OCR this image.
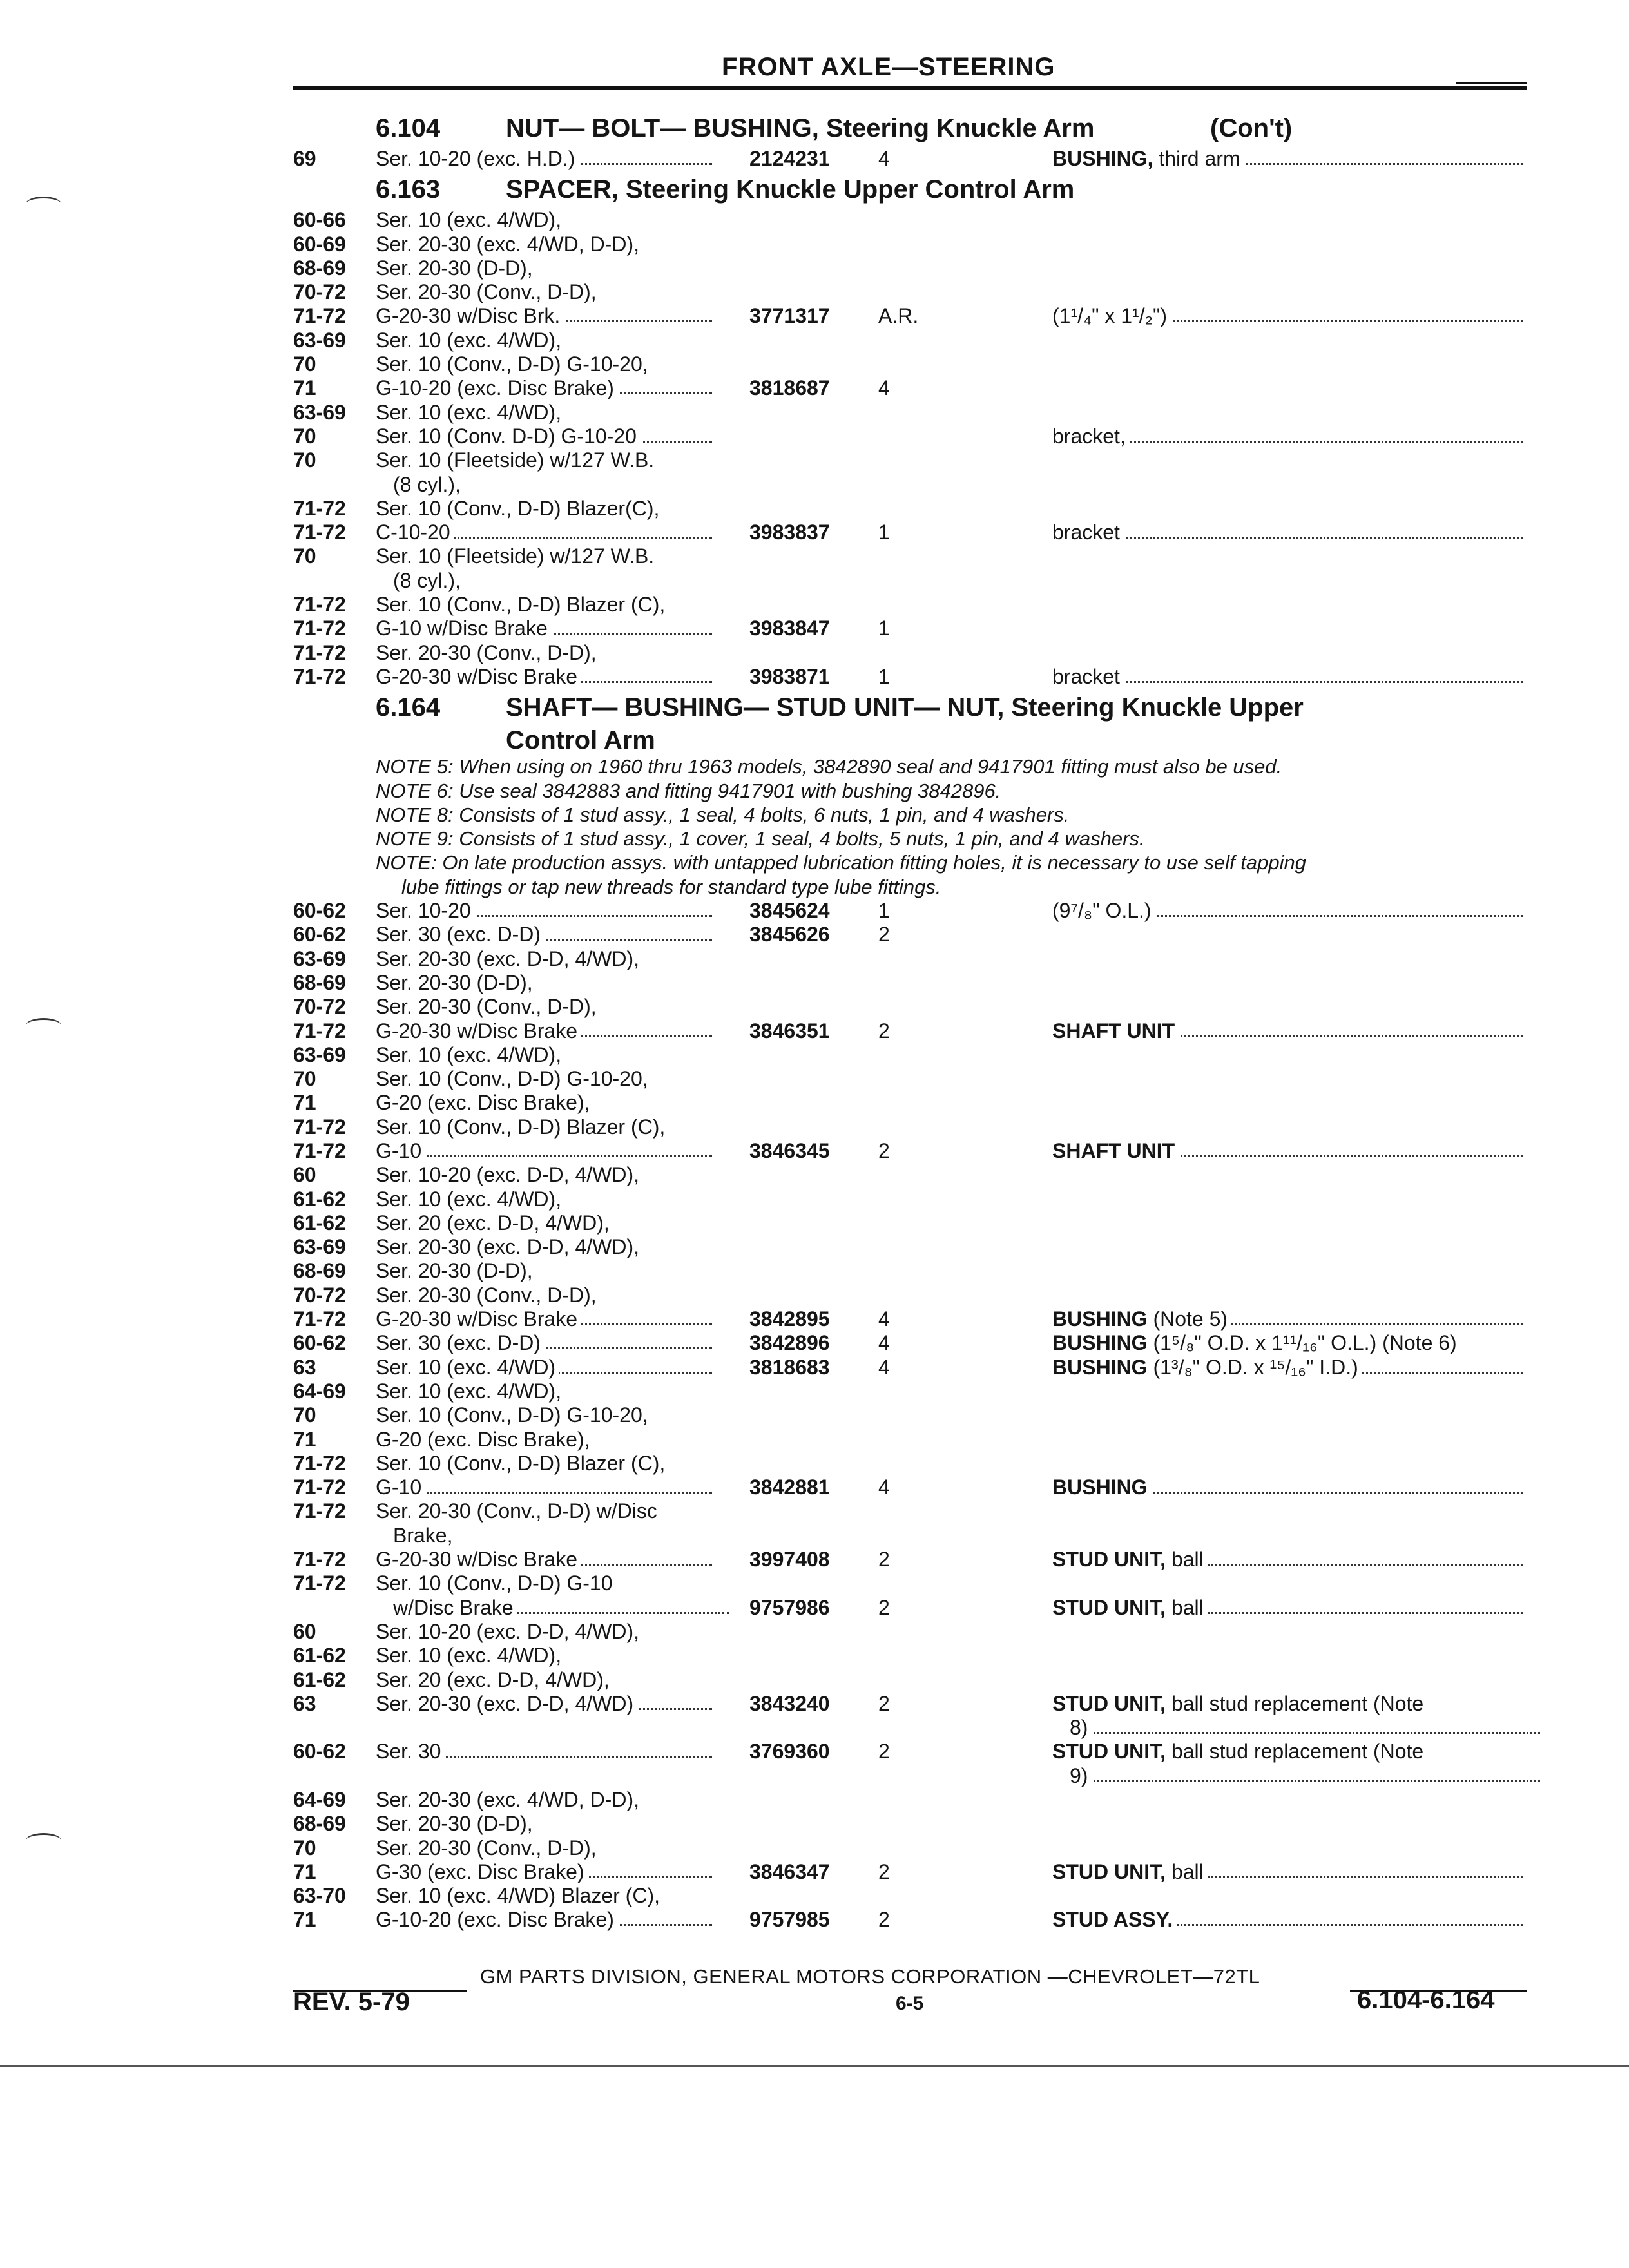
FRONT AXLE—STEERING
6.104	NUT— BOLT— BUSHING, Steering Knuckle Arm	(Con't)
69	Ser. 10-20 (exc. H.D.)	2124231 4	BUSHING, third arm
6.163	SPACER, Steering Knuckle Upper Control Arm
60-66 Ser. 10 (exc. 4/WD),
60-69 Ser. 20-30 (exc. 4/WD, D-D),
68-69 Ser. 20-30 (D-D),
70-72 Ser. 20-30 (Conv., D-D),
71-72 G-20-30 w/Disc Brk.	3771317 A.R.	(1¹/₄" x 1¹/₂")
63-69 Ser. 10 (exc. 4/WD),
70	Ser. 10 (Conv., D-D) G-10-20,
71	G-10-20 (exc. Disc Brake)	3818687 4
63-69 Ser. 10 (exc. 4/WD),
70	Ser. 10 (Conv. D-D) G-10-20	bracket,
70	Ser. 10 (Fleetside) w/127 W.B.
(8 cyl.),
71-72 Ser. 10 (Conv., D-D) Blazer(C),
71-72 C-10-20	3983837 1	bracket
70	Ser. 10 (Fleetside) w/127 W.B.
(8 cyl.),
71-72 Ser. 10 (Conv., D-D) Blazer (C),
71-72 G-10 w/Disc Brake	3983847 1
71-72 Ser. 20-30 (Conv., D-D),
71-72 G-20-30 w/Disc Brake	3983871 1	bracket
6.164	SHAFT— BUSHING— STUD UNIT— NUT, Steering Knuckle Upper
Control Arm
NOTE 5: When using on 1960 thru 1963 models, 3842890 seal and 9417901 fitting must also be used.
NOTE 6: Use seal 3842883 and fitting 9417901 with bushing 3842896.
NOTE 8: Consists of 1 stud assy., 1 seal, 4 bolts, 6 nuts, 1 pin, and 4 washers.
NOTE 9: Consists of 1 stud assy., 1 cover, 1 seal, 4 bolts, 5 nuts, 1 pin, and 4 washers.
NOTE: On late production assys. with untapped lubrication fitting holes, it is necessary to use self tapping
lube fittings or tap new threads for standard type lube fittings.
60-62 Ser. 10-20	3845624 1	(9⁷/₈" O.L.)
60-62 Ser. 30 (exc. D-D)	3845626 2
63-69 Ser. 20-30 (exc. D-D, 4/WD),
68-69 Ser. 20-30 (D-D),
70-72 Ser. 20-30 (Conv., D-D),
71-72 G-20-30 w/Disc Brake	3846351 2	SHAFT UNIT
63-69 Ser. 10 (exc. 4/WD),
70	Ser. 10 (Conv., D-D) G-10-20,
71	G-20 (exc. Disc Brake),
71-72 Ser. 10 (Conv., D-D) Blazer (C),
71-72 G-10	3846345 2	SHAFT UNIT
60	Ser. 10-20 (exc. D-D, 4/WD),
61-62 Ser. 10 (exc. 4/WD),
61-62 Ser. 20 (exc. D-D, 4/WD),
63-69 Ser. 20-30 (exc. D-D, 4/WD),
68-69 Ser. 20-30 (D-D),
70-72 Ser. 20-30 (Conv., D-D),
71-72 G-20-30 w/Disc Brake	3842895 4	BUSHING (Note 5)
60-62 Ser. 30 (exc. D-D)	3842896 4	BUSHING (1⁵/₈" O.D. x 1¹¹/₁₆" O.L.) (Note 6)
63	Ser. 10 (exc. 4/WD)	3818683 4	BUSHING (1³/₈" O.D. x ¹⁵/₁₆" I.D.)
64-69 Ser. 10 (exc. 4/WD),
70	Ser. 10 (Conv., D-D) G-10-20,
71	G-20 (exc. Disc Brake),
71-72 Ser. 10 (Conv., D-D) Blazer (C),
71-72 G-10	3842881 4	BUSHING
71-72 Ser. 20-30 (Conv., D-D) w/Disc
Brake,
71-72 G-20-30 w/Disc Brake	3997408 2	STUD UNIT, ball
71-72 Ser. 10 (Conv., D-D) G-10
w/Disc Brake	9757986 2	STUD UNIT, ball
60	Ser. 10-20 (exc. D-D, 4/WD),
61-62 Ser. 10 (exc. 4/WD),
61-62 Ser. 20 (exc. D-D, 4/WD),
63	Ser. 20-30 (exc. D-D, 4/WD)	3843240 2	STUD UNIT, ball stud replacement (Note
8)
60-62 Ser. 30	3769360 2	STUD UNIT, ball stud replacement (Note
9)
64-69 Ser. 20-30 (exc. 4/WD, D-D),
68-69 Ser. 20-30 (D-D),
70	Ser. 20-30 (Conv., D-D),
71	G-30 (exc. Disc Brake)	3846347 2	STUD UNIT, ball
63-70 Ser. 10 (exc. 4/WD) Blazer (C),
71	G-10-20 (exc. Disc Brake)	9757985 2	STUD ASSY.
GM PARTS DIVISION, GENERAL MOTORS CORPORATION —CHEVROLET—72TL
REV. 5-79	6-5	6.104-6.164
